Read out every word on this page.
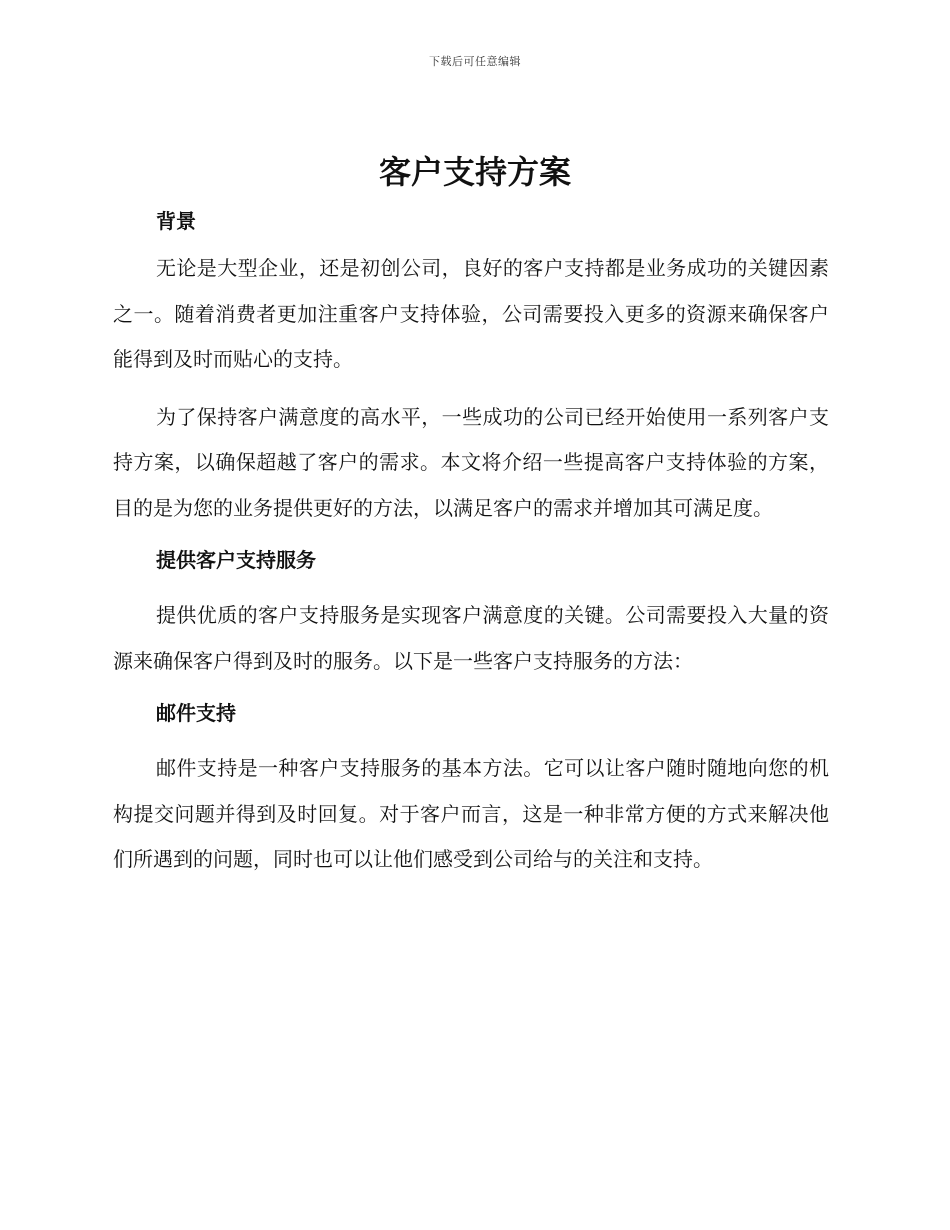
下载后可任意编辑
客户支持方案
背景

无论是大型企业，还是初创公司，良好的客户支持都是业务成功的关键因素之一。随着消费者更加注重客户支持体验，公司需要投入更多的资源来确保客户能得到及时而贴心的支持。

为了保持客户满意度的高水平，一些成功的公司已经开始使用一系列客户支持方案，以确保超越了客户的需求。本文将介绍一些提高客户支持体验的方案，目的是为您的业务提供更好的方法，以满足客户的需求并增加其可满足度。

提供客户支持服务

提供优质的客户支持服务是实现客户满意度的关键。公司需要投入大量的资源来确保客户得到及时的服务。以下是一些客户支持服务的方法：

邮件支持

邮件支持是一种客户支持服务的基本方法。它可以让客户随时随地向您的机构提交问题并得到及时回复。对于客户而言，这是一种非常方便的方式来解决他们所遇到的问题，同时也可以让他们感受到公司给与的关注和支持。
